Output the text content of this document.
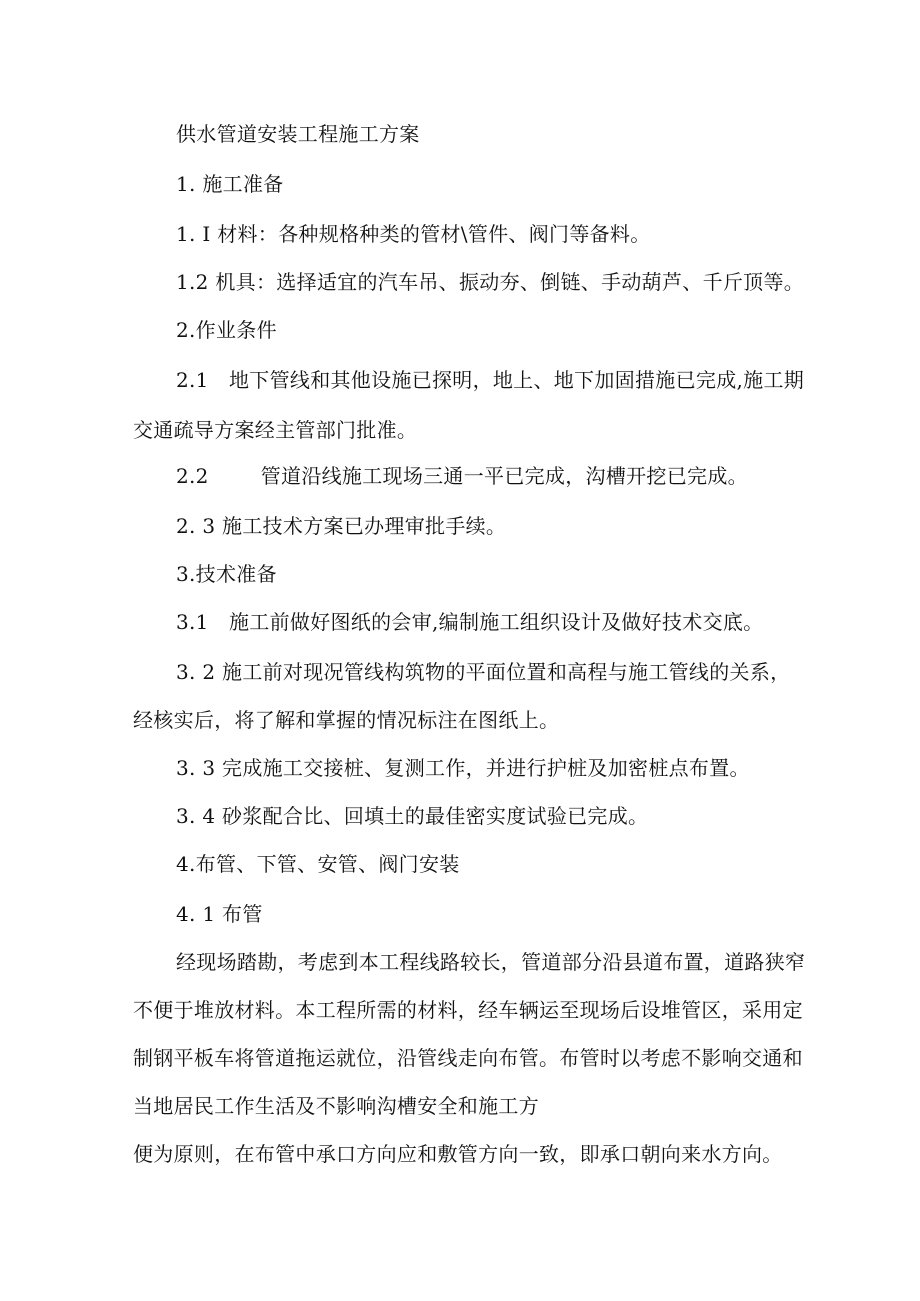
供水管道安装工程施工方案
1. 施工准备
1. I 材料：各种规格种类的管材\管件、阀门等备料。
1.2 机具：选择适宜的汽车吊、振动夯、倒链、手动葫芦、千斤顶等。
2.作业条件
2.1　地下管线和其他设施已探明，地上、地下加固措施已完成,施工期
交通疏导方案经主管部门批准。
2.2	管道沿线施工现场三通一平已完成，沟槽开挖已完成。
2. 3 施工技术方案已办理审批手续。
3.技术准备
3.1　施工前做好图纸的会审,编制施工组织设计及做好技术交底。
3. 2 施工前对现况管线构筑物的平面位置和高程与施工管线的关系，
经核实后，将了解和掌握的情况标注在图纸上。
3. 3 完成施工交接桩、复测工作，并进行护桩及加密桩点布置。
3. 4 砂浆配合比、回填土的最佳密实度试验已完成。
4.布管、下管、安管、阀门安装
4. 1 布管
经现场踏勘，考虑到本工程线路较长，管道部分沿县道布置，道路狭窄
不便于堆放材料。本工程所需的材料，经车辆运至现场后设堆管区，采用定
制钢平板车将管道拖运就位，沿管线走向布管。布管时以考虑不影响交通和
当地居民工作生活及不影响沟槽安全和施工方
便为原则，在布管中承口方向应和敷管方向一致，即承口朝向来水方向。
